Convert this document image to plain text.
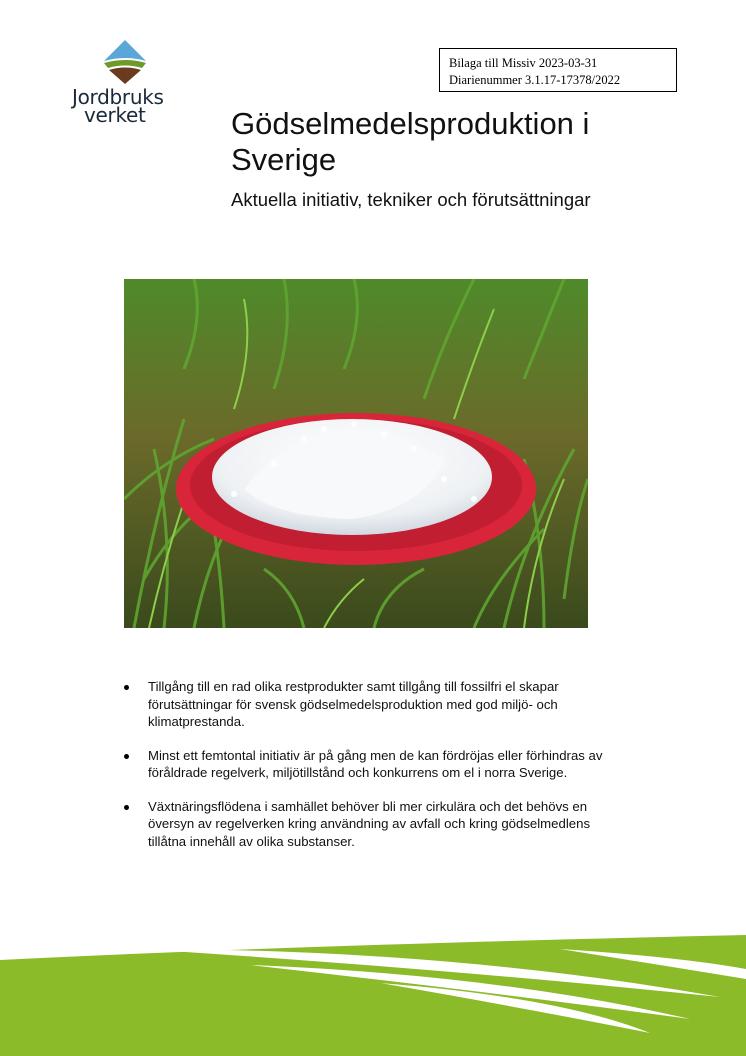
Jordbruks
verket
Bilaga till Missiv 2023-03-31
Diarienummer 3.1.17-17378/2022
Gödselmedelsproduktion i Sverige
Aktuella initiativ, tekniker och förutsättningar
Tillgång till en rad olika restprodukter samt tillgång till fossilfri el skapar förutsättningar för svensk gödselmedelsproduktion med god miljö- och klimatprestanda.
Minst ett femtontal initiativ är på gång men de kan fördröjas eller förhindras av föråldrade regelverk, miljötillstånd och konkurrens om el i norra Sverige.
Växtnäringsflödena i samhället behöver bli mer cirkulära och det behövs en översyn av regelverken kring användning av avfall och kring gödselmedlens tillåtna innehåll av olika substanser.
